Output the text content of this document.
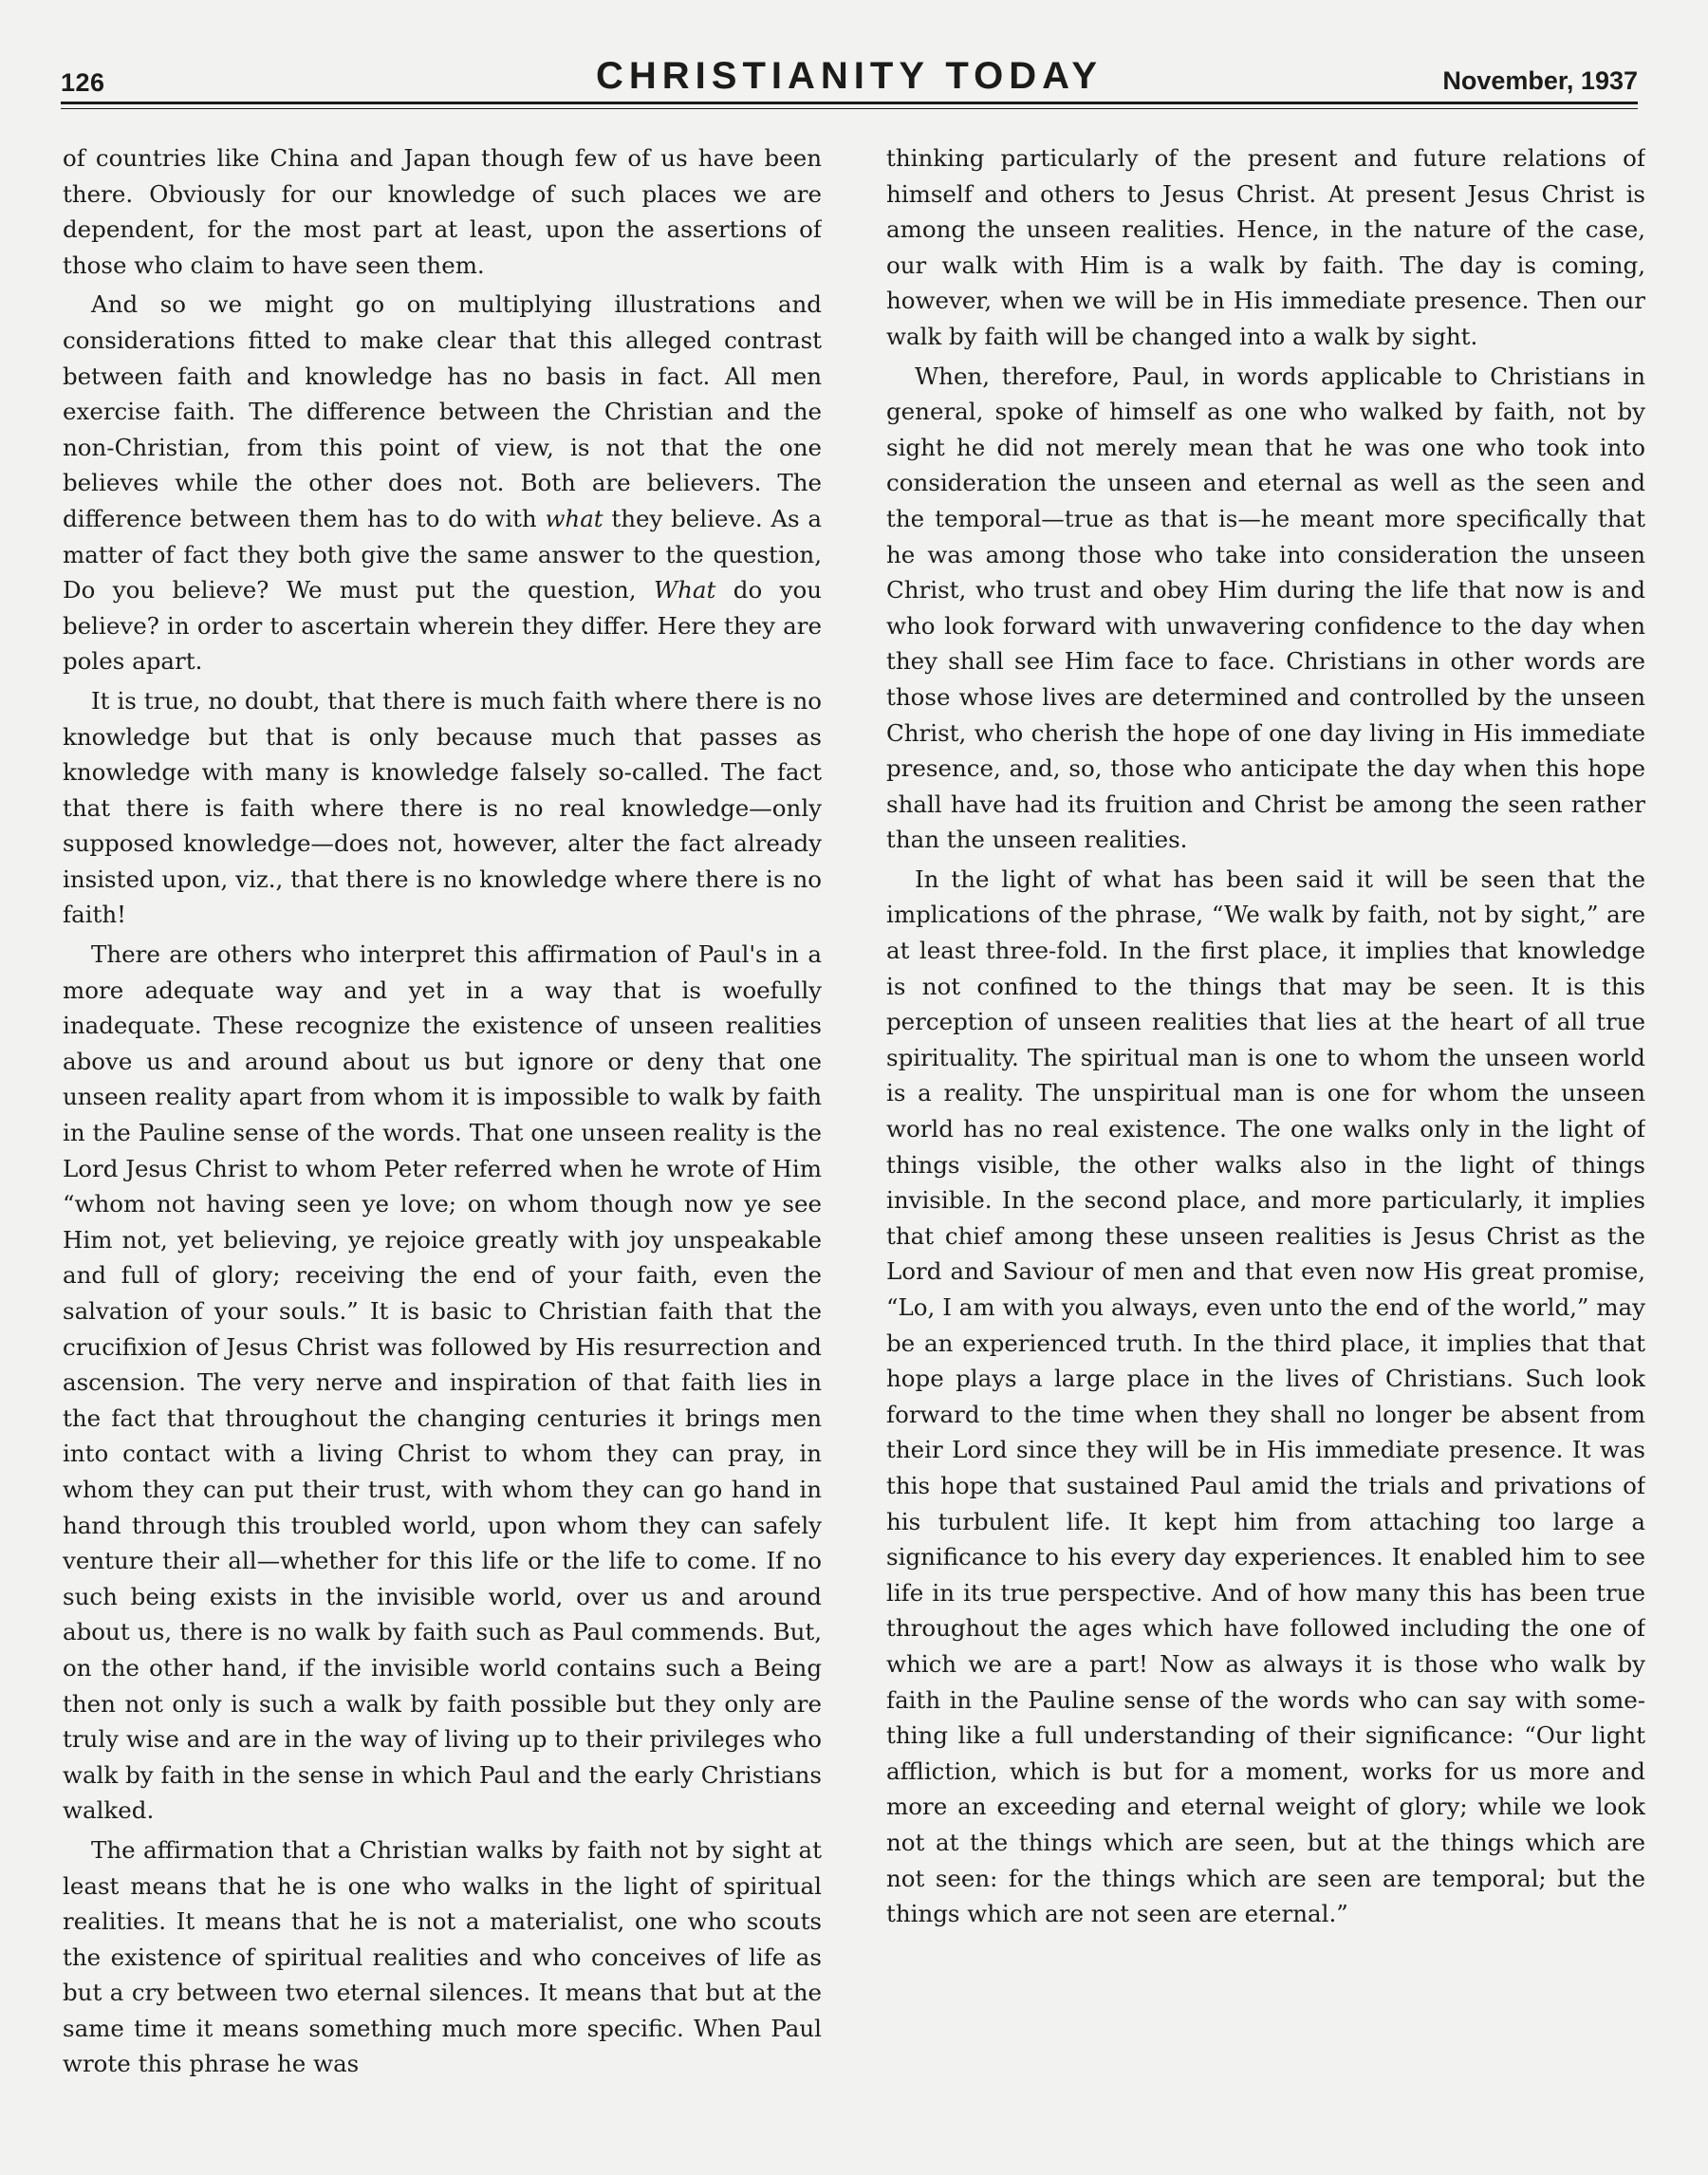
126	CHRISTIANITY TODAY	November, 1937

of countries like China and Japan though few of us have been there. Obviously for our knowledge of such places we are dependent, for the most part at least, upon the assertions of those who claim to have seen them.

And so we might go on multiplying illustrations and considerations fitted to make clear that this alleged contrast between faith and knowledge has no basis in fact. All men exercise faith. The difference between the Christian and the non-Christian, from this point of view, is not that the one believes while the other does not. Both are believers. The difference between them has to do with what they believe. As a matter of fact they both give the same answer to the question, Do you believe? We must put the question, What do you believe? in order to ascertain wherein they differ. Here they are poles apart.

It is true, no doubt, that there is much faith where there is no knowledge but that is only because much that passes as knowledge with many is knowledge falsely so-called. The fact that there is faith where there is no real knowledge—only supposed knowledge—does not, however, alter the fact already insisted upon, viz., that there is no knowledge where there is no faith!

There are others who interpret this affirmation of Paul's in a more adequate way and yet in a way that is woefully inadequate. These recognize the existence of unseen realities above us and around about us but ignore or deny that one unseen reality apart from whom it is impossible to walk by faith in the Pauline sense of the words. That one unseen reality is the Lord Jesus Christ to whom Peter referred when he wrote of Him “whom not having seen ye love; on whom though now ye see Him not, yet believing, ye rejoice greatly with joy unspeakable and full of glory; receiving the end of your faith, even the salvation of your souls.” It is basic to Christian faith that the crucifixion of Jesus Christ was followed by His resurrection and ascension. The very nerve and inspiration of that faith lies in the fact that throughout the changing centuries it brings men into contact with a living Christ to whom they can pray, in whom they can put their trust, with whom they can go hand in hand through this troubled world, upon whom they can safely venture their all—whether for this life or the life to come. If no such being exists in the invisible world, over us and around about us, there is no walk by faith such as Paul commends. But, on the other hand, if the invisible world contains such a Being then not only is such a walk by faith possible but they only are truly wise and are in the way of living up to their privileges who walk by faith in the sense in which Paul and the early Christians walked.

The affirmation that a Christian walks by faith not by sight at least means that he is one who walks in the light of spiritual realities. It means that he is not a materialist, one who scouts the existence of spiritual realities and who conceives of life as but a cry between two eternal silences. It means that but at the same time it means something much more specific. When Paul wrote this phrase he was

thinking particularly of the present and future relations of himself and others to Jesus Christ. At present Jesus Christ is among the unseen realities. Hence, in the nature of the case, our walk with Him is a walk by faith. The day is coming, however, when we will be in His immediate presence. Then our walk by faith will be changed into a walk by sight.

When, therefore, Paul, in words applicable to Christians in general, spoke of himself as one who walked by faith, not by sight he did not merely mean that he was one who took into consideration the unseen and eternal as well as the seen and the temporal—true as that is—he meant more specifically that he was among those who take into consideration the unseen Christ, who trust and obey Him during the life that now is and who look forward with unwavering confidence to the day when they shall see Him face to face. Christians in other words are those whose lives are determined and controlled by the unseen Christ, who cherish the hope of one day living in His immediate presence, and, so, those who anticipate the day when this hope shall have had its fruition and Christ be among the seen rather than the unseen realities.

In the light of what has been said it will be seen that the implications of the phrase, “We walk by faith, not by sight,” are at least three-fold. In the first place, it implies that knowledge is not confined to the things that may be seen. It is this perception of unseen realities that lies at the heart of all true spirituality. The spiritual man is one to whom the unseen world is a reality. The unspiritual man is one for whom the unseen world has no real existence. The one walks only in the light of things visible, the other walks also in the light of things invisible. In the second place, and more particularly, it implies that chief among these unseen realities is Jesus Christ as the Lord and Saviour of men and that even now His great promise, “Lo, I am with you always, even unto the end of the world,” may be an experienced truth. In the third place, it implies that that hope plays a large place in the lives of Christians. Such look forward to the time when they shall no longer be absent from their Lord since they will be in His immediate presence. It was this hope that sustained Paul amid the trials and privations of his turbulent life. It kept him from attaching too large a significance to his every day experiences. It enabled him to see life in its true perspective. And of how many this has been true throughout the ages which have followed including the one of which we are a part! Now as always it is those who walk by faith in the Pauline sense of the words who can say with something like a full understanding of their significance: “Our light affliction, which is but for a moment, works for us more and more an exceeding and eternal weight of glory; while we look not at the things which are seen, but at the things which are not seen: for the things which are seen are temporal; but the things which are not seen are eternal.”
